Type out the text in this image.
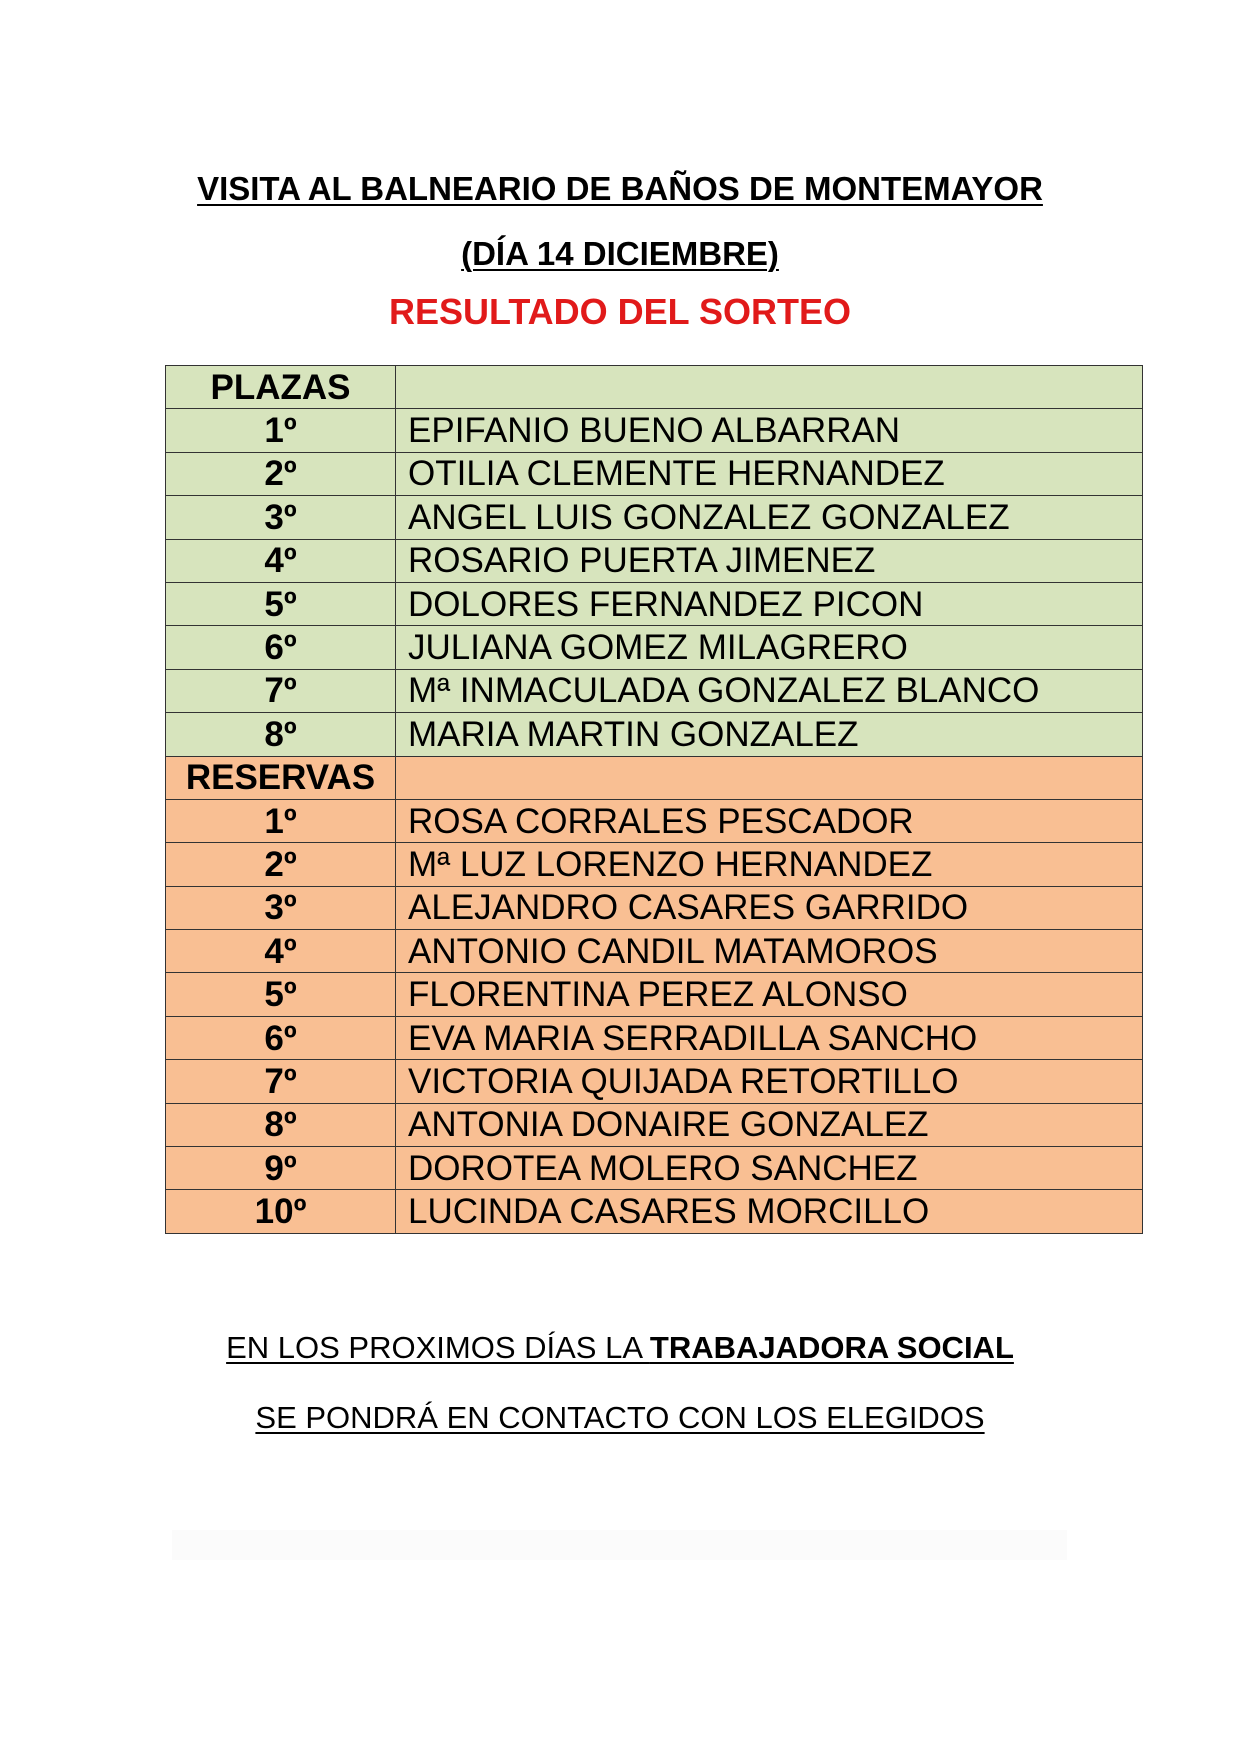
VISITA AL BALNEARIO DE BAÑOS DE MONTEMAYOR
(DÍA 14 DICIEMBRE)
RESULTADO DEL SORTEO
PLAZAS	
1º	EPIFANIO BUENO ALBARRAN
2º	OTILIA CLEMENTE HERNANDEZ
3º	ANGEL LUIS GONZALEZ GONZALEZ
4º	ROSARIO PUERTA JIMENEZ
5º	DOLORES FERNANDEZ PICON
6º	JULIANA GOMEZ MILAGRERO
7º	Mª INMACULADA GONZALEZ BLANCO
8º	MARIA MARTIN GONZALEZ
RESERVAS	
1º	ROSA CORRALES PESCADOR
2º	Mª LUZ LORENZO HERNANDEZ
3º	ALEJANDRO CASARES GARRIDO
4º	ANTONIO CANDIL MATAMOROS
5º	FLORENTINA PEREZ ALONSO
6º	EVA MARIA SERRADILLA SANCHO
7º	VICTORIA QUIJADA RETORTILLO
8º	ANTONIA DONAIRE GONZALEZ
9º	DOROTEA MOLERO SANCHEZ
10º	LUCINDA CASARES MORCILLO
EN LOS PROXIMOS DÍAS LA TRABAJADORA SOCIAL
SE PONDRÁ EN CONTACTO CON LOS ELEGIDOS
